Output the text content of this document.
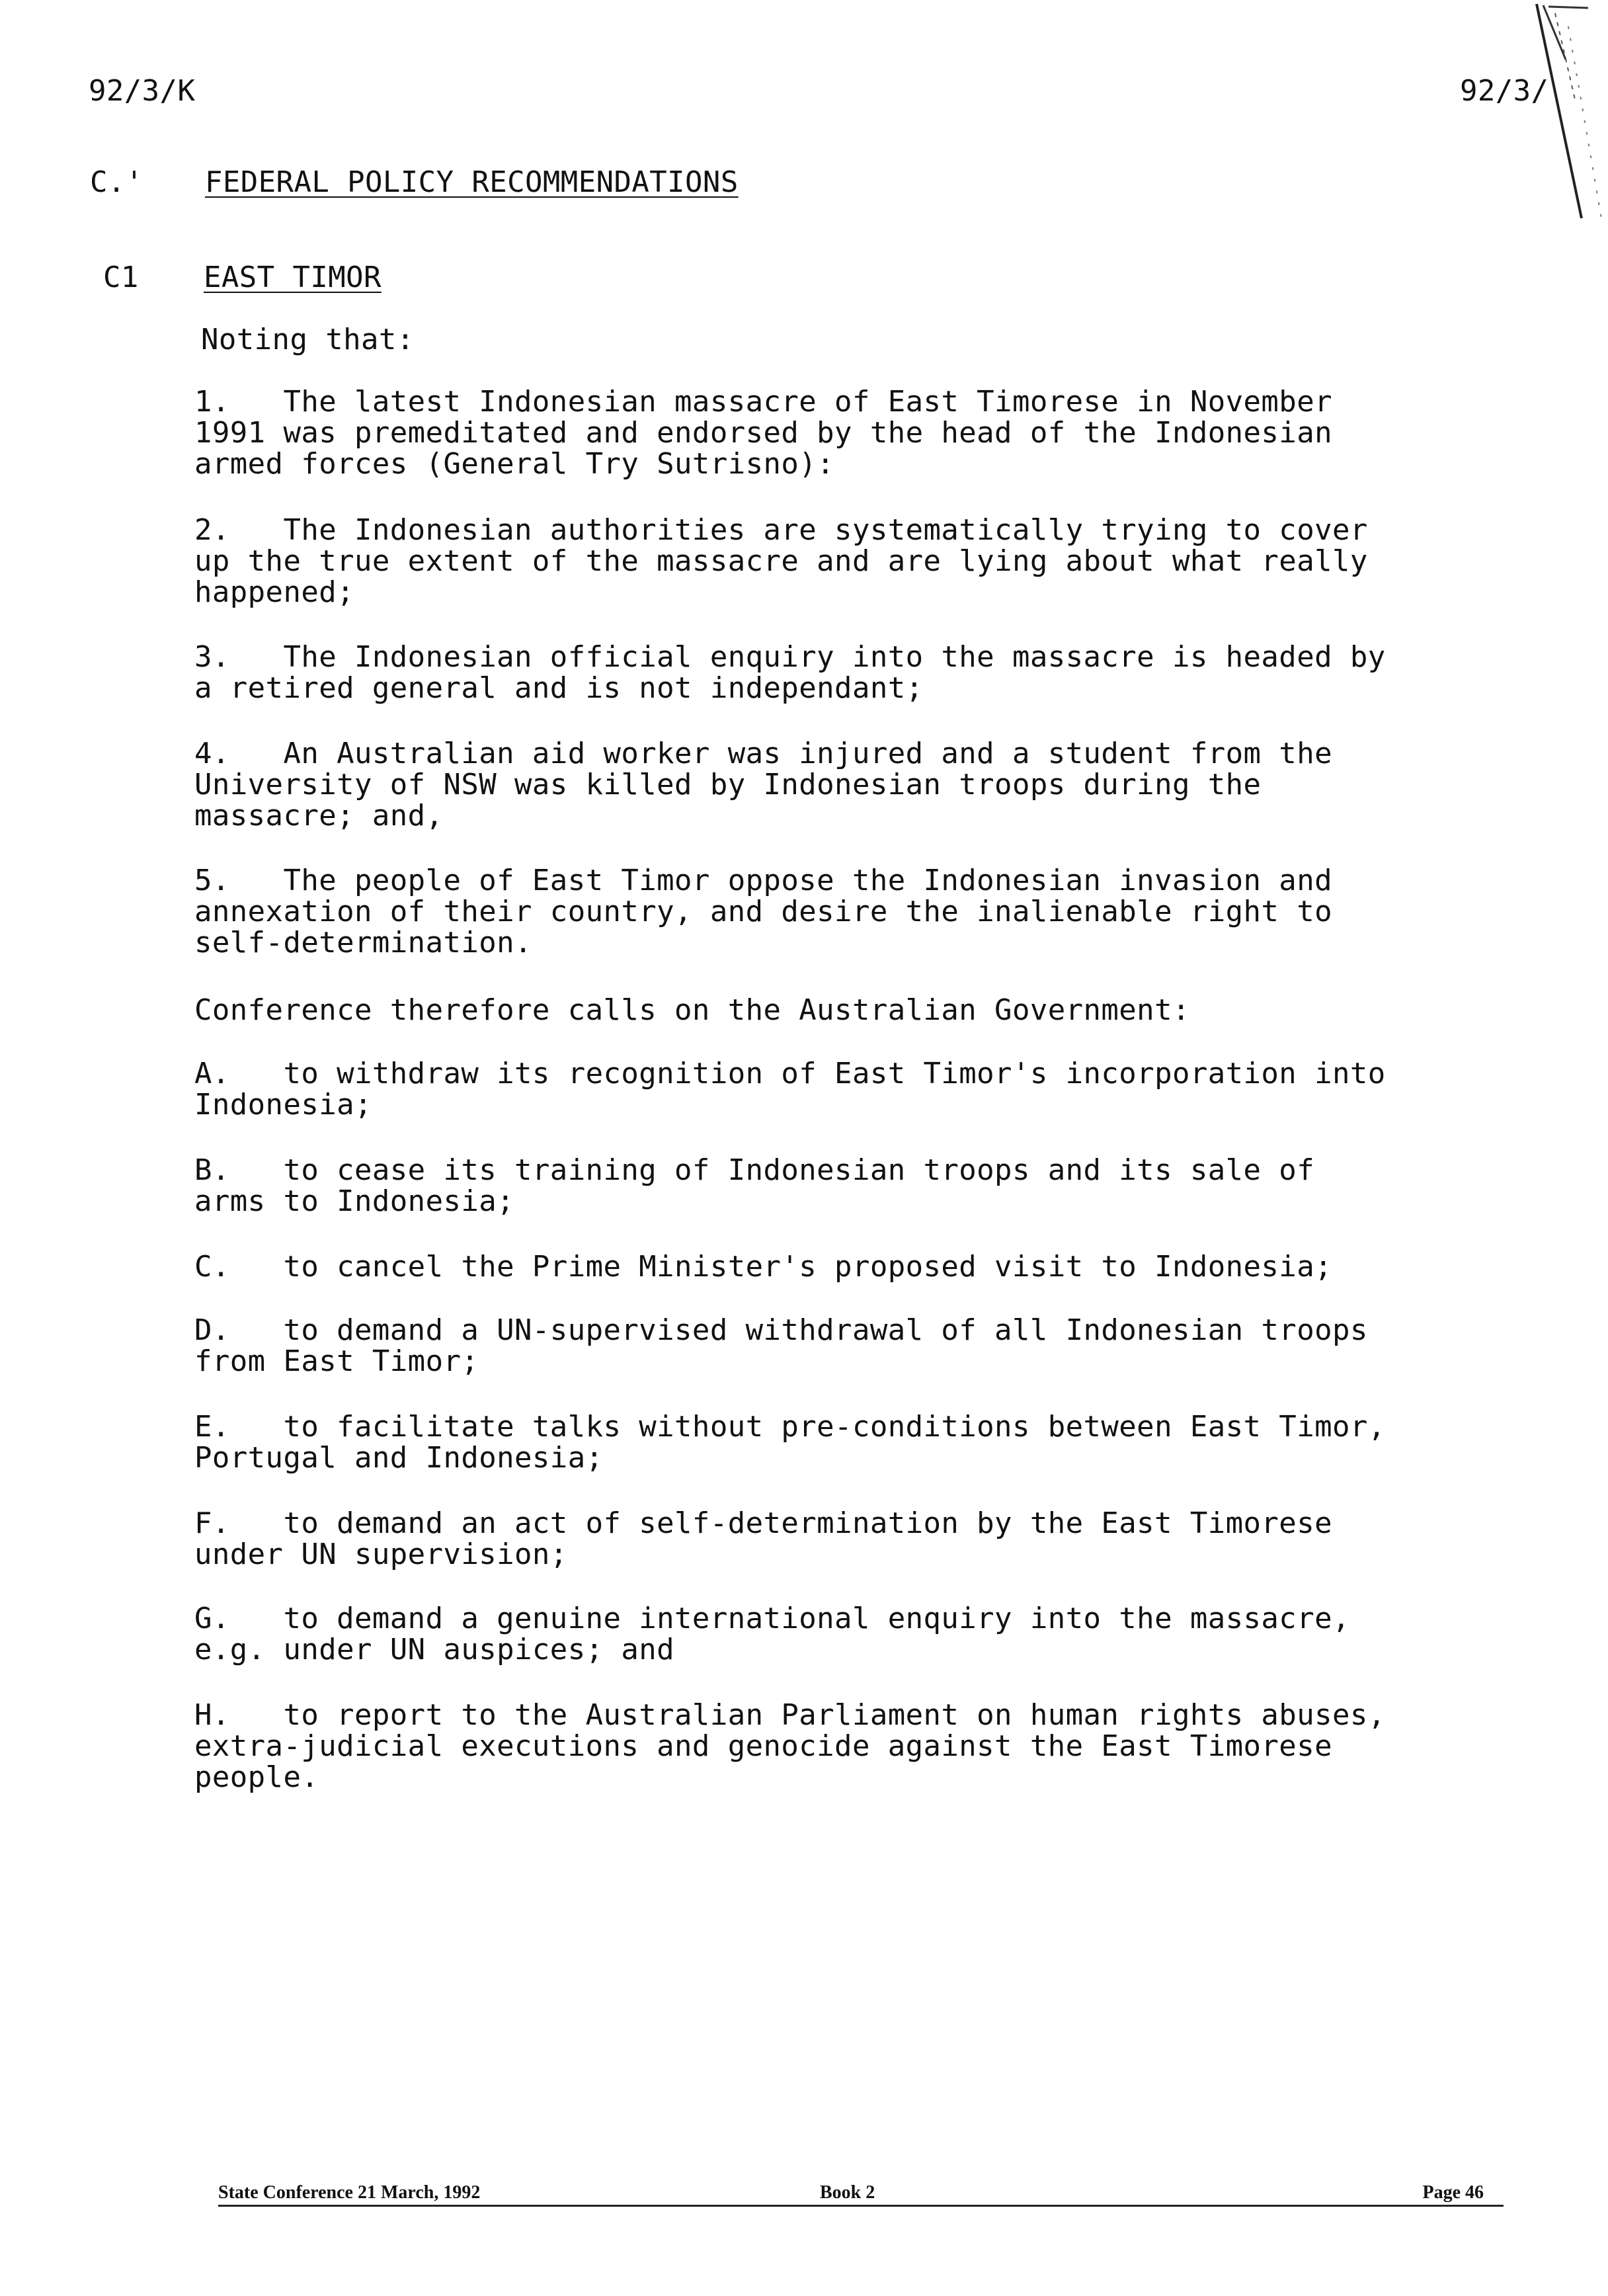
92/3/K	92/3/
C.' FEDERAL POLICY RECOMMENDATIONS
C1 EAST TIMOR
Noting that:

1.   The latest Indonesian massacre of East Timorese in November
1991 was premeditated and endorsed by the head of the Indonesian
armed forces (General Try Sutrisno):

2.   The Indonesian authorities are systematically trying to cover
up the true extent of the massacre and are lying about what really
happened;

3.   The Indonesian official enquiry into the massacre is headed by
a retired general and is not independant;

4.   An Australian aid worker was injured and a student from the
University of NSW was killed by Indonesian troops during the
massacre; and,

5.   The people of East Timor oppose the Indonesian invasion and
annexation of their country, and desire the inalienable right to
self-determination.

Conference therefore calls on the Australian Government:

A.   to withdraw its recognition of East Timor's incorporation into
Indonesia;

B.   to cease its training of Indonesian troops and its sale of
arms to Indonesia;

C.   to cancel the Prime Minister's proposed visit to Indonesia;

D.   to demand a UN-supervised withdrawal of all Indonesian troops
from East Timor;

E.   to facilitate talks without pre-conditions between East Timor,
Portugal and Indonesia;

F.   to demand an act of self-determination by the East Timorese
under UN supervision;

G.   to demand a genuine international enquiry into the massacre,
e.g. under UN auspices; and

H.   to report to the Australian Parliament on human rights abuses,
extra-judicial executions and genocide against the East Timorese
people.

State Conference 21 March, 1992	Book 2	Page 46
